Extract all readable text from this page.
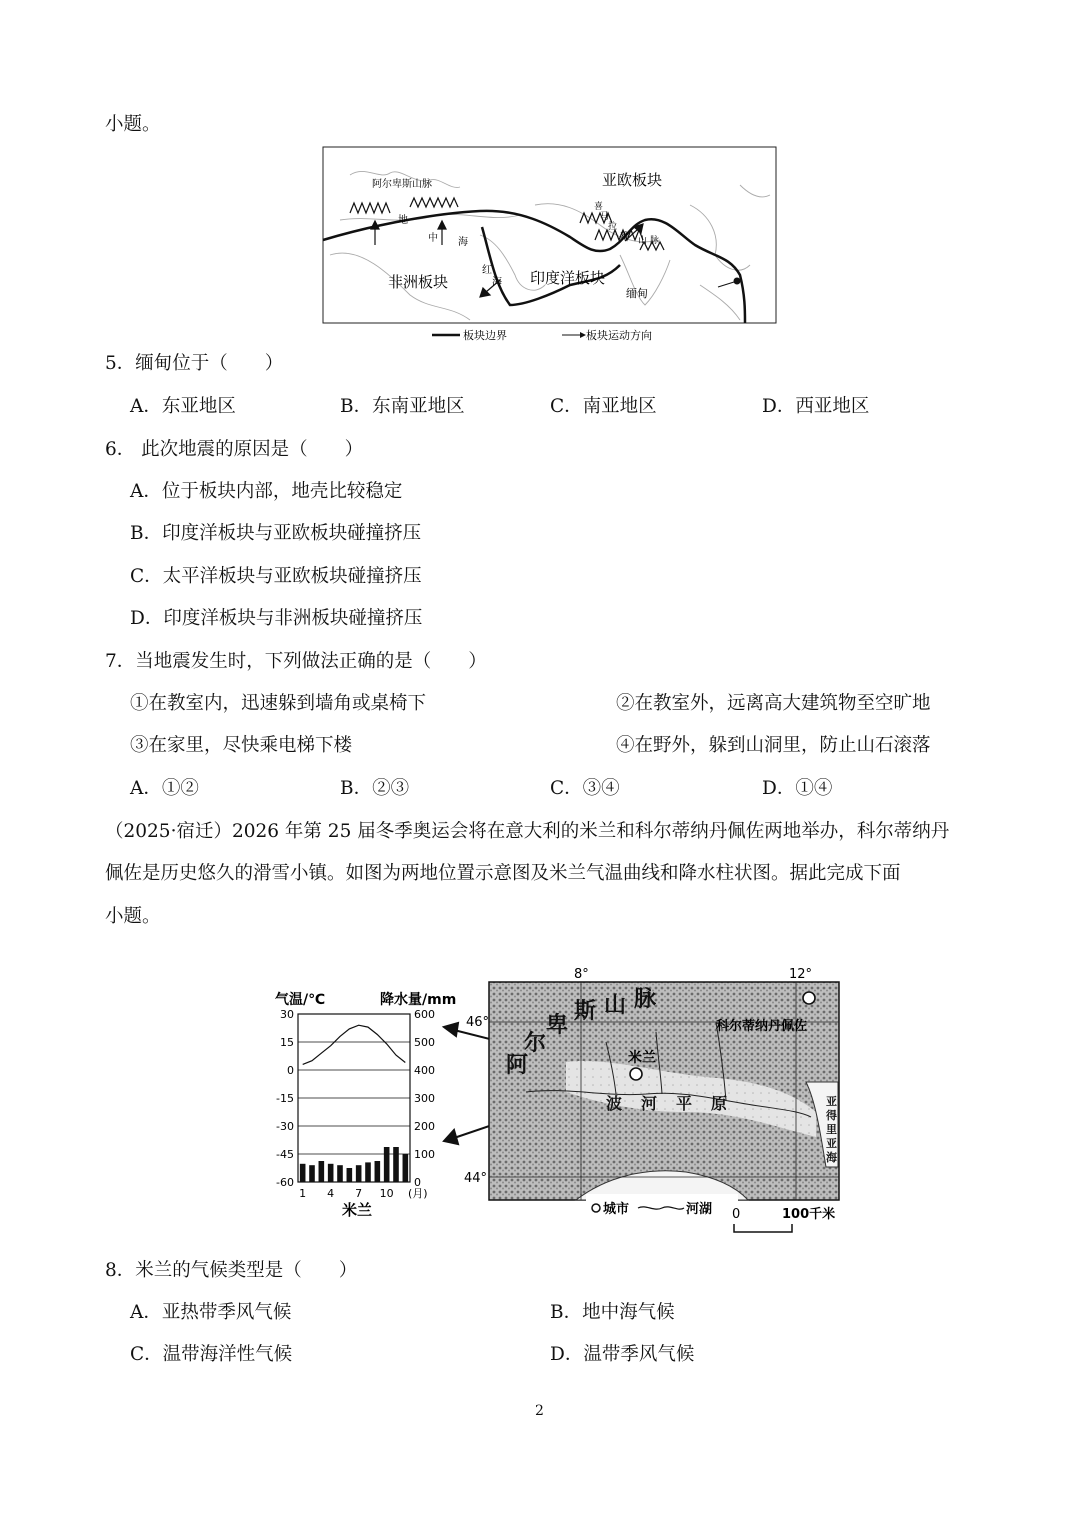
小题。
阿尔卑斯山脉	亚欧板块
非洲板块	印度洋板块
地
中 海
红
海
喜
马
拉
雅 山 脉
缅甸
板块边界	板块运动方向
5．缅甸位于（　　）
A．东亚地区	B．东南亚地区	C．南亚地区	D．西亚地区
6． 此次地震的原因是（　　）
A．位于板块内部，地壳比较稳定
B．印度洋板块与亚欧板块碰撞挤压
C．太平洋板块与亚欧板块碰撞挤压
D．印度洋板块与非洲板块碰撞挤压
7．当地震发生时，下列做法正确的是（　　）
①在教室内，迅速躲到墙角或桌椅下	②在教室外，远离高大建筑物至空旷地
③在家里，尽快乘电梯下楼	④在野外，躲到山洞里，防止山石滚落
A．①②	B．②③	C．③④	D．①④
（2025·宿迁）2026 年第 25 届冬季奥运会将在意大利的米兰和科尔蒂纳丹佩佐两地举办，科尔蒂纳丹
佩佐是历史悠久的滑雪小镇。如图为两地位置示意图及米兰气温曲线和降水柱状图。据此完成下面
小题。
气温/℃	降水量/mm
30	600
15	500
0	400
-15	300
-30	200
-45	100
-60	0
1 4 7 10 (月)
米兰
8°	12°
46°
44°
阿
尔
卑
斯 山 脉
科尔蒂纳丹佩佐
米兰
波 河 平 原	亚
得
里
亚
海
城市	河湖 0	100千米
8．米兰的气候类型是（　　）
A．亚热带季风气候	B．地中海气候
C．温带海洋性气候	D．温带季风气候
2
